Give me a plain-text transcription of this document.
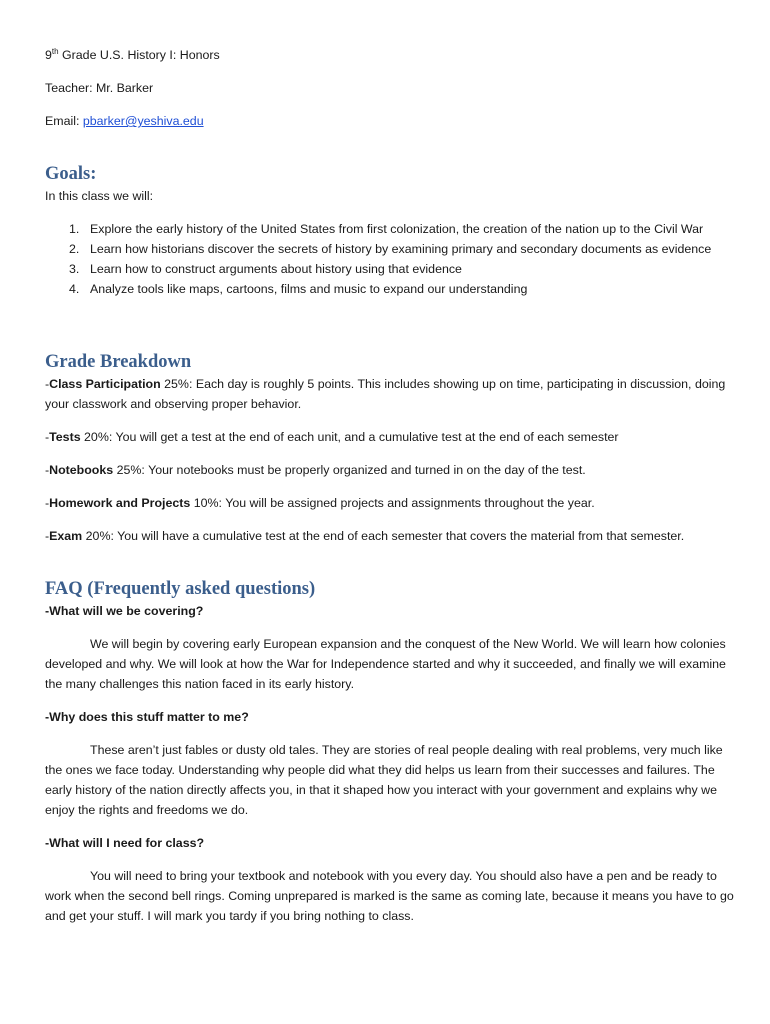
9th Grade U.S. History I: Honors
Teacher: Mr. Barker
Email: pbarker@yeshiva.edu
Goals:
In this class we will:
1. Explore the early history of the United States from first colonization, the creation of the nation up to the Civil War
2. Learn how historians discover the secrets of history by examining primary and secondary documents as evidence
3. Learn how to construct arguments about history using that evidence
4. Analyze tools like maps, cartoons, films and music to expand our understanding
Grade Breakdown
-Class Participation 25%: Each day is roughly 5 points. This includes showing up on time, participating in discussion, doing your classwork and observing proper behavior.
-Tests 20%: You will get a test at the end of each unit, and a cumulative test at the end of each semester
-Notebooks 25%: Your notebooks must be properly organized and turned in on the day of the test.
-Homework and Projects 10%: You will be assigned projects and assignments throughout the year.
-Exam 20%: You will have a cumulative test at the end of each semester that covers the material from that semester.
FAQ (Frequently asked questions)
-What will we be covering?
We will begin by covering early European expansion and the conquest of the New World. We will learn how colonies developed and why. We will look at how the War for Independence started and why it succeeded, and finally we will examine the many challenges this nation faced in its early history.
-Why does this stuff matter to me?
These aren’t just fables or dusty old tales. They are stories of real people dealing with real problems, very much like the ones we face today. Understanding why people did what they did helps us learn from their successes and failures. The early history of the nation directly affects you, in that it shaped how you interact with your government and explains why we enjoy the rights and freedoms we do.
-What will I need for class?
You will need to bring your textbook and notebook with you every day. You should also have a pen and be ready to work when the second bell rings. Coming unprepared is marked is the same as coming late, because it means you have to go and get your stuff. I will mark you tardy if you bring nothing to class.
